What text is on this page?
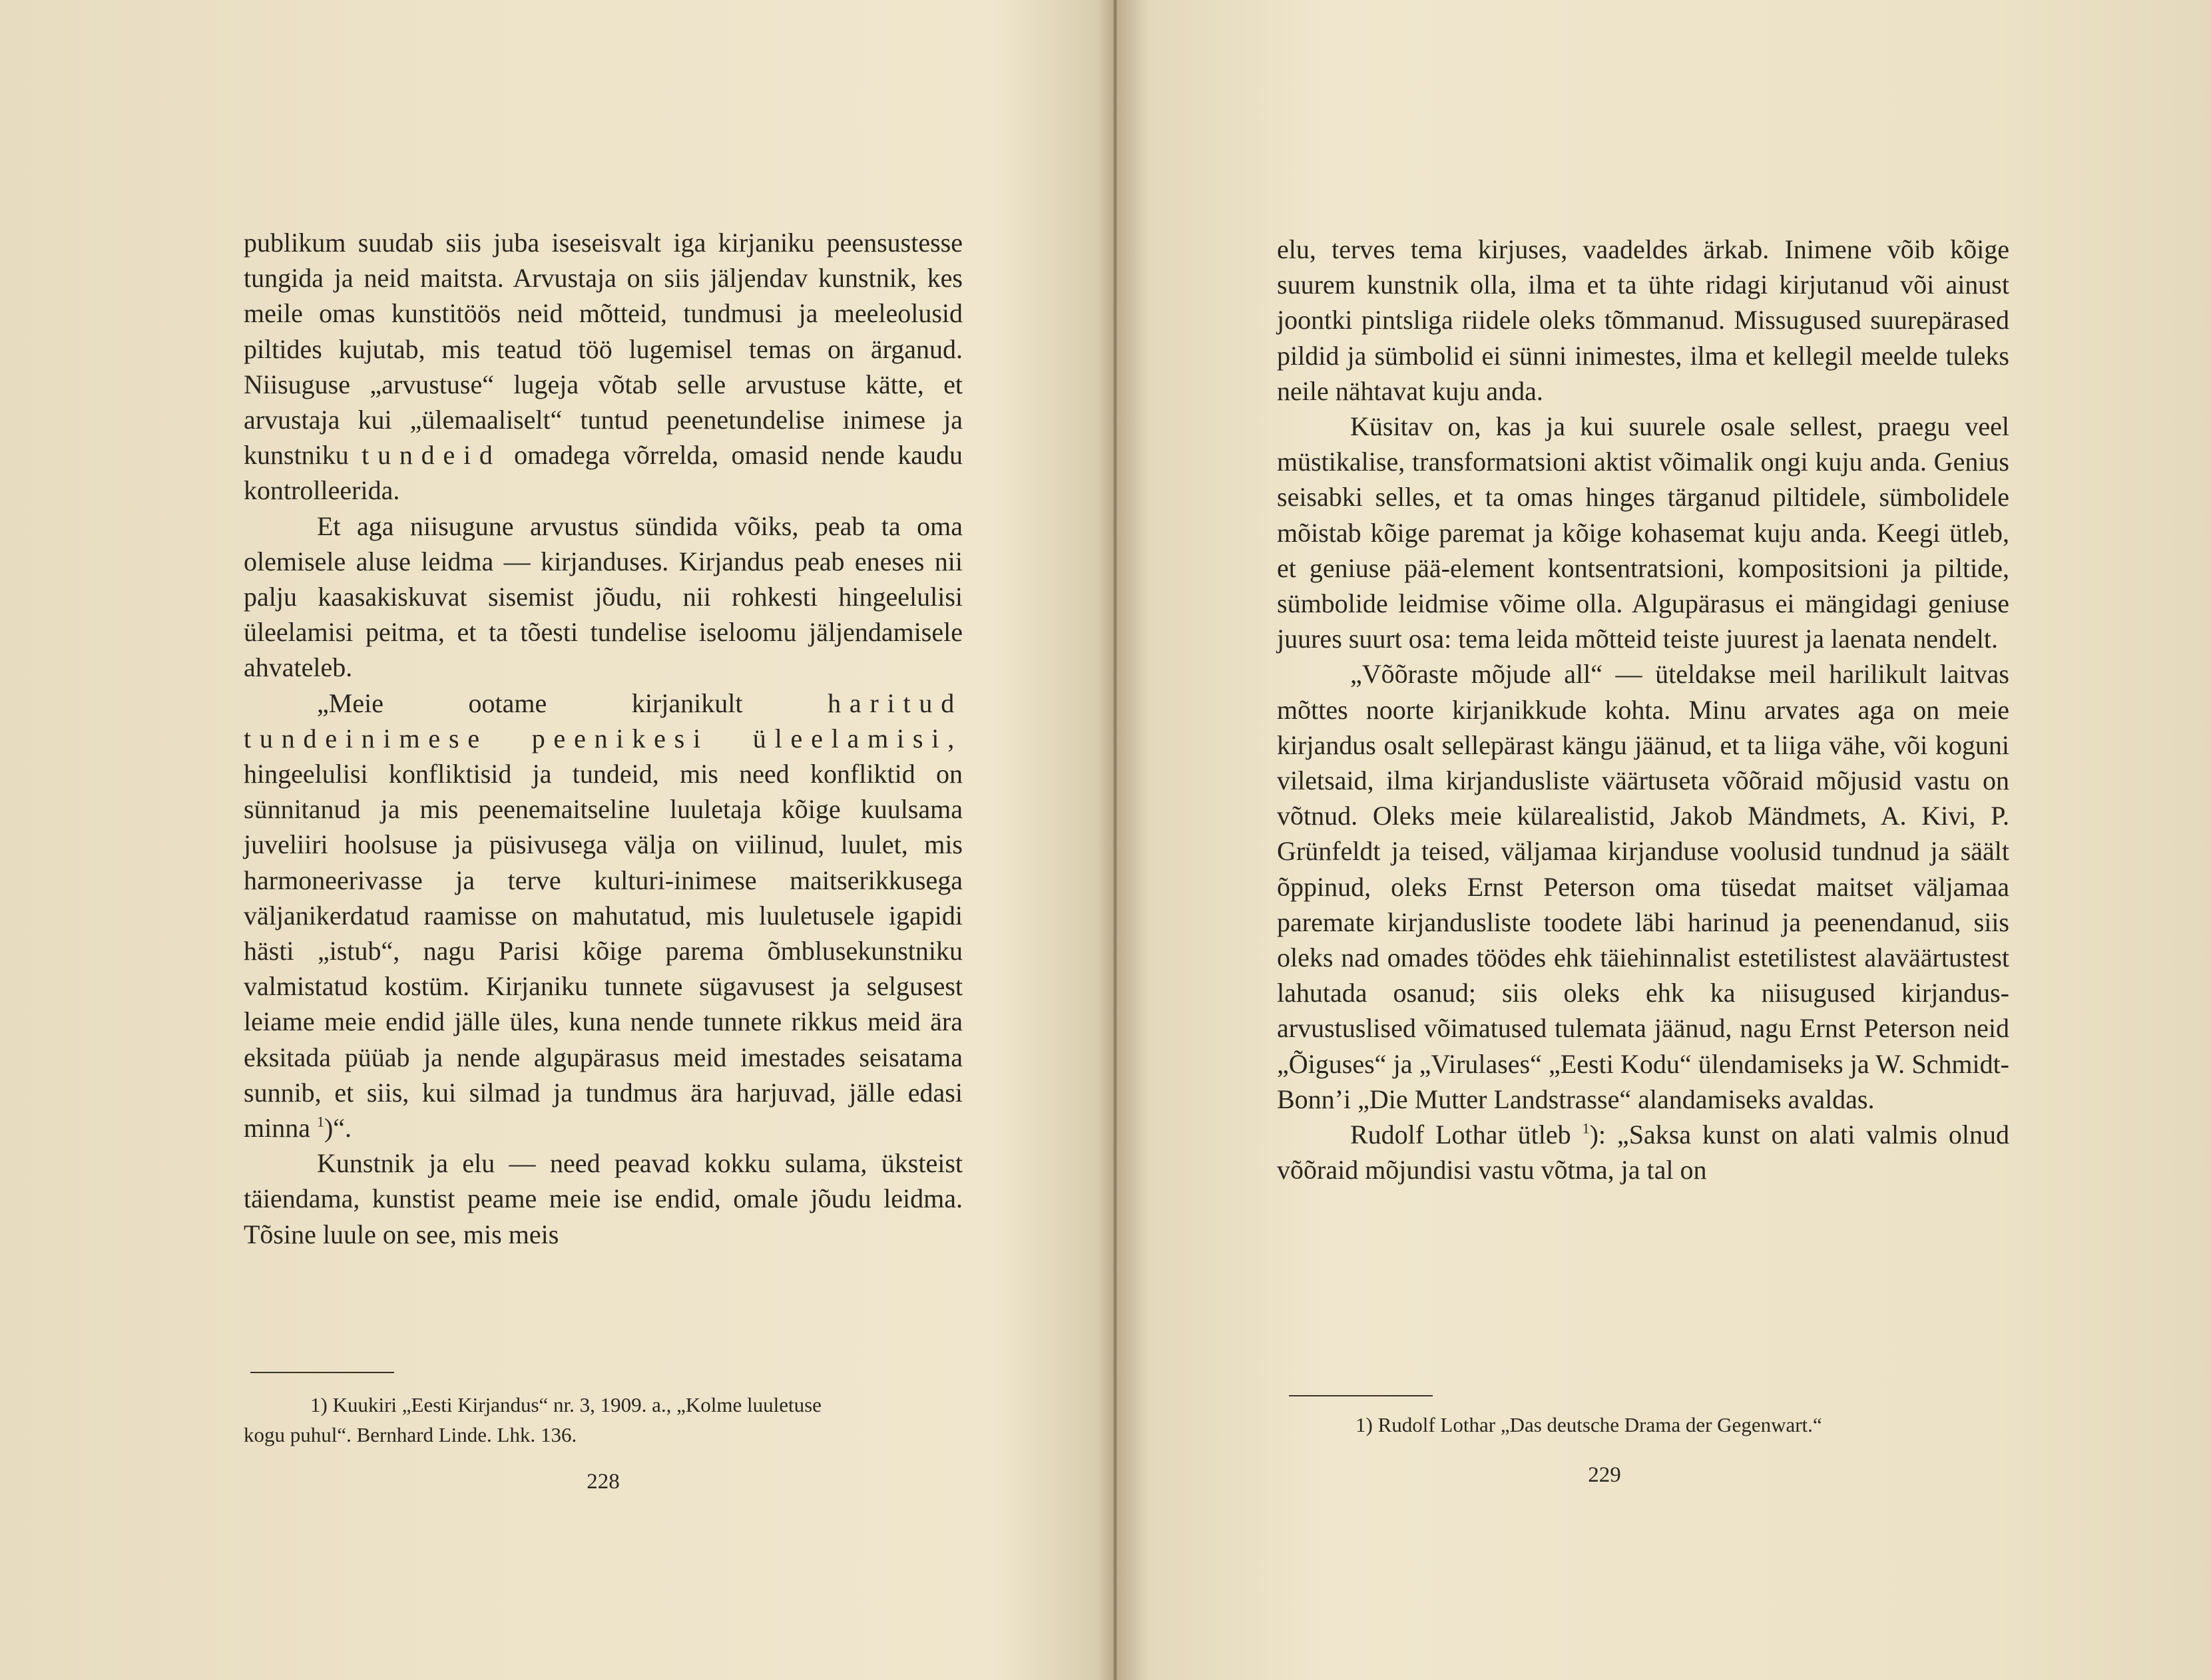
publikum suudab siis juba iseseisvalt iga kirjaniku peensustesse tungida ja neid maitsta. Arvustaja on siis jäljendav kunstnik, kes meile omas kunstitöös neid mõtteid, tundmusi ja meeleolusid piltides kujutab, mis teatud töö lugemisel temas on ärganud. Niisuguse „arvustuse“ lugeja võtab selle arvustuse kätte, et arvustaja kui „ülemaaliselt“ tuntud peenetundelise inimese ja kunstniku tundeid omadega võrrelda, omasid nende kaudu kontrolleerida.

Et aga niisugune arvustus sündida võiks, peab ta oma olemisele aluse leidma — kirjanduses. Kirjandus peab eneses nii palju kaasakiskuvat sisemist jõudu, nii rohkesti hingeelulisi üleelamisi peitma, et ta tõesti tundelise iseloomu jäljendamisele ahvateleb.

„Meie ootame kirjanikult	haritud tundeinimese peenikesi üleelamisi, hingeelulisi konfliktisid ja tundeid, mis need konfliktid on sünnitanud ja mis peenemaitseline luuletaja kõige kuulsama juveliiri hoolsuse ja püsivusega välja on viilinud, luulet, mis harmoneerivasse ja terve kulturi-inimese maitserikkusega väljanikerdatud raamisse on mahutatud, mis luuletusele igapidi hästi „istub“, nagu Parisi kõige parema õmblusekunstniku valmistatud kostüm. Kirjaniku tunnete sügavusest ja selgusest leiame meie endid jälle üles, kuna nende tunnete rikkus meid ära eksitada püüab ja nende algupärasus meid imestades seisatama sunnib, et siis, kui silmad ja tundmus ära harjuvad, jälle edasi minna $^1$)“.

Kunstnik ja elu — need peavad kokku sulama, üksteist täiendama, kunstist peame meie ise endid, omale jõudu leidma. Tõsine luule on see, mis meis

1) Kuukiri „Eesti Kirjandus“ nr. 3, 1909. a., „Kolme luuletuse
kogu puhul“. Bernhard Linde. Lhk. 136.
228

elu, terves tema kirjuses, vaadeldes ärkab. Inimene võib kõige suurem kunstnik olla, ilma et ta ühte ridagi kirjutanud või ainust joontki pintsliga riidele oleks tõmmanud. Missugused suurepärased pildid ja sümbolid ei sünni inimestes, ilma et kellegil meelde tuleks neile nähtavat kuju anda.

Küsitav on, kas ja kui suurele osale sellest, praegu veel müstikalise, transformatsioni aktist võimalik ongi kuju anda. Genius seisabki selles, et ta omas hinges tärganud piltidele, sümbolidele mõistab kõige paremat ja kõige kohasemat kuju anda. Keegi ütleb, et geniuse pää-element kontsentratsioni, kompositsioni ja piltide, sümbolide leidmise võime olla. Algupärasus ei mängidagi geniuse juures suurt osa: tema leida mõtteid teiste juurest ja laenata nendelt.

„Võõraste mõjude all“ — üteldakse meil harilikult laitvas mõttes noorte kirjanikkude kohta. Minu arvates aga on meie kirjandus osalt sellepärast kängu jäänud, et ta liiga vähe, või koguni viletsaid, ilma kirjandusliste väärtuseta võõraid mõjusid vastu on võtnud. Oleks meie külarealistid, Jakob Mändmets, A. Kivi, P. Grünfeldt ja teised, väljamaa kirjanduse voolusid tundnud ja säält õppinud, oleks Ernst Peterson oma tüsedat maitset väljamaa paremate kirjandusliste toodete läbi harinud ja peenendanud, siis oleks nad omades töödes ehk täiehinnalist estetilistest alaväärtustest lahutada osanud; siis oleks ehk ka niisugused kirjandus-arvustuslised võimatused tulemata jäänud, nagu Ernst Peterson neid „Õiguses“ ja „Virulases“ „Eesti Kodu“ ülendamiseks ja W. Schmidt-Bonn’i „Die Mutter Landstrasse“ alandamiseks avaldas.

Rudolf Lothar ütleb $^1$): „Saksa kunst on alati valmis olnud võõraid mõjundisi vastu võtma, ja tal on

1) Rudolf Lothar „Das deutsche Drama der Gegenwart.“
229
